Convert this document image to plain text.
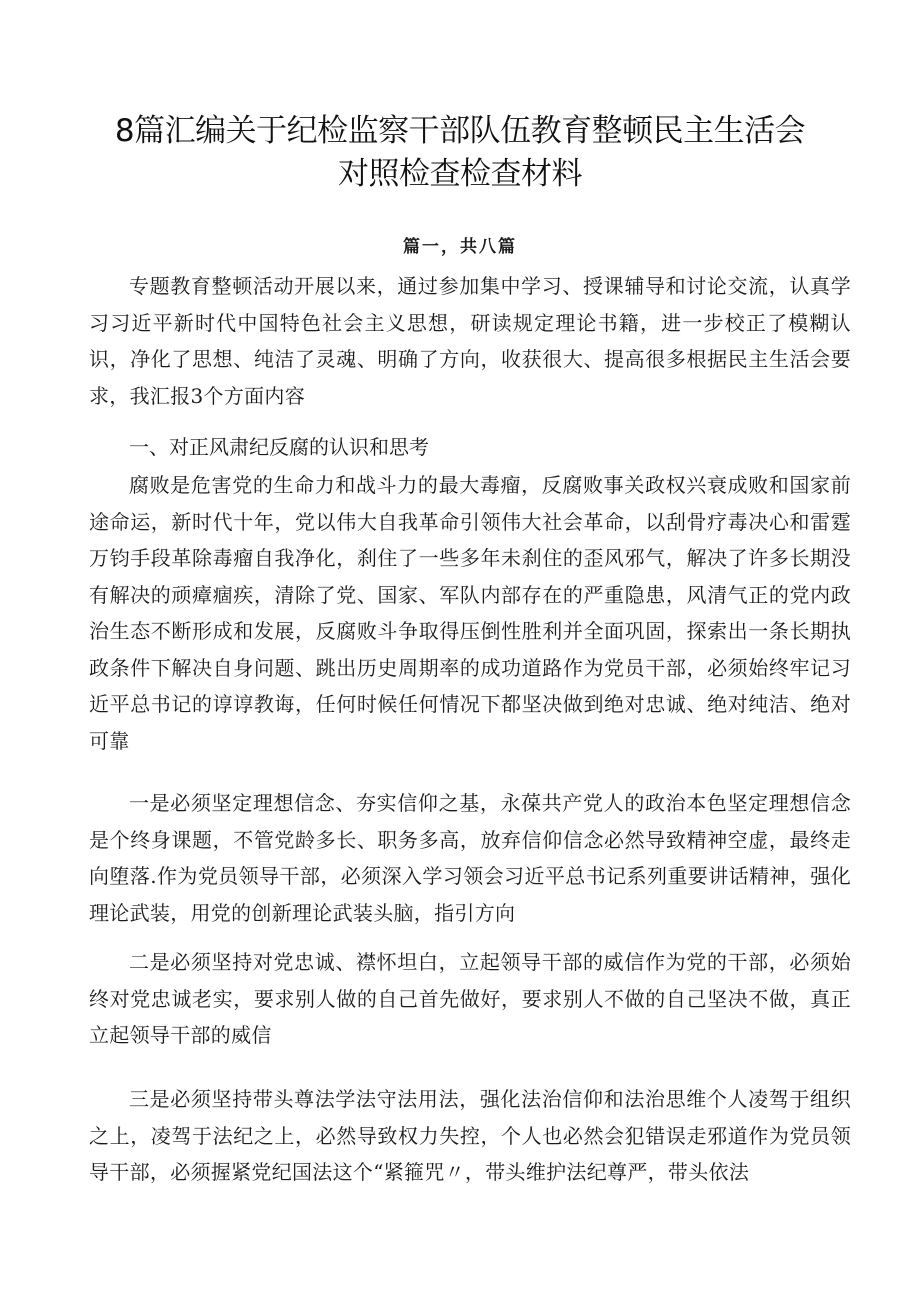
8篇汇编关于纪检监察干部队伍教育整顿民主生活会
对照检查检查材料
篇一，共八篇

专题教育整顿活动开展以来，通过参加集中学习、授课辅导和讨论交流，认真学习习近平新时代中国特色社会主义思想，研读规定理论书籍，进一步校正了模糊认识，净化了思想、纯洁了灵魂、明确了方向，收获很大、提高很多根据民主生活会要求，我汇报3个方面内容

一、对正风肃纪反腐的认识和思考

腐败是危害党的生命力和战斗力的最大毒瘤，反腐败事关政权兴衰成败和国家前途命运，新时代十年，党以伟大自我革命引领伟大社会革命，以刮骨疗毒决心和雷霆万钧手段革除毒瘤自我净化，刹住了一些多年未刹住的歪风邪气，解决了许多长期没有解决的顽瘴痼疾，清除了党、国家、军队内部存在的严重隐患，风清气正的党内政治生态不断形成和发展，反腐败斗争取得压倒性胜利并全面巩固，探索出一条长期执政条件下解决自身问题、跳出历史周期率的成功道路作为党员干部，必须始终牢记习近平总书记的谆谆教诲，任何时候任何情况下都坚决做到绝对忠诚、绝对纯洁、绝对可靠

一是必须坚定理想信念、夯实信仰之基，永葆共产党人的政治本色坚定理想信念是个终身课题，不管党龄多长、职务多高，放弃信仰信念必然导致精神空虚，最终走向堕落.作为党员领导干部，必须深入学习领会习近平总书记系列重要讲话精神，强化理论武装，用党的创新理论武装头脑，指引方向

二是必须坚持对党忠诚、襟怀坦白，立起领导干部的威信作为党的干部，必须始终对党忠诚老实，要求别人做的自己首先做好，要求别人不做的自己坚决不做，真正立起领导干部的威信

三是必须坚持带头尊法学法守法用法，强化法治信仰和法治思维个人凌驾于组织之上，凌驾于法纪之上，必然导致权力失控，个人也必然会犯错误走邪道作为党员领导干部，必须握紧党纪国法这个“紧箍咒〃，带头维护法纪尊严，带头依法
